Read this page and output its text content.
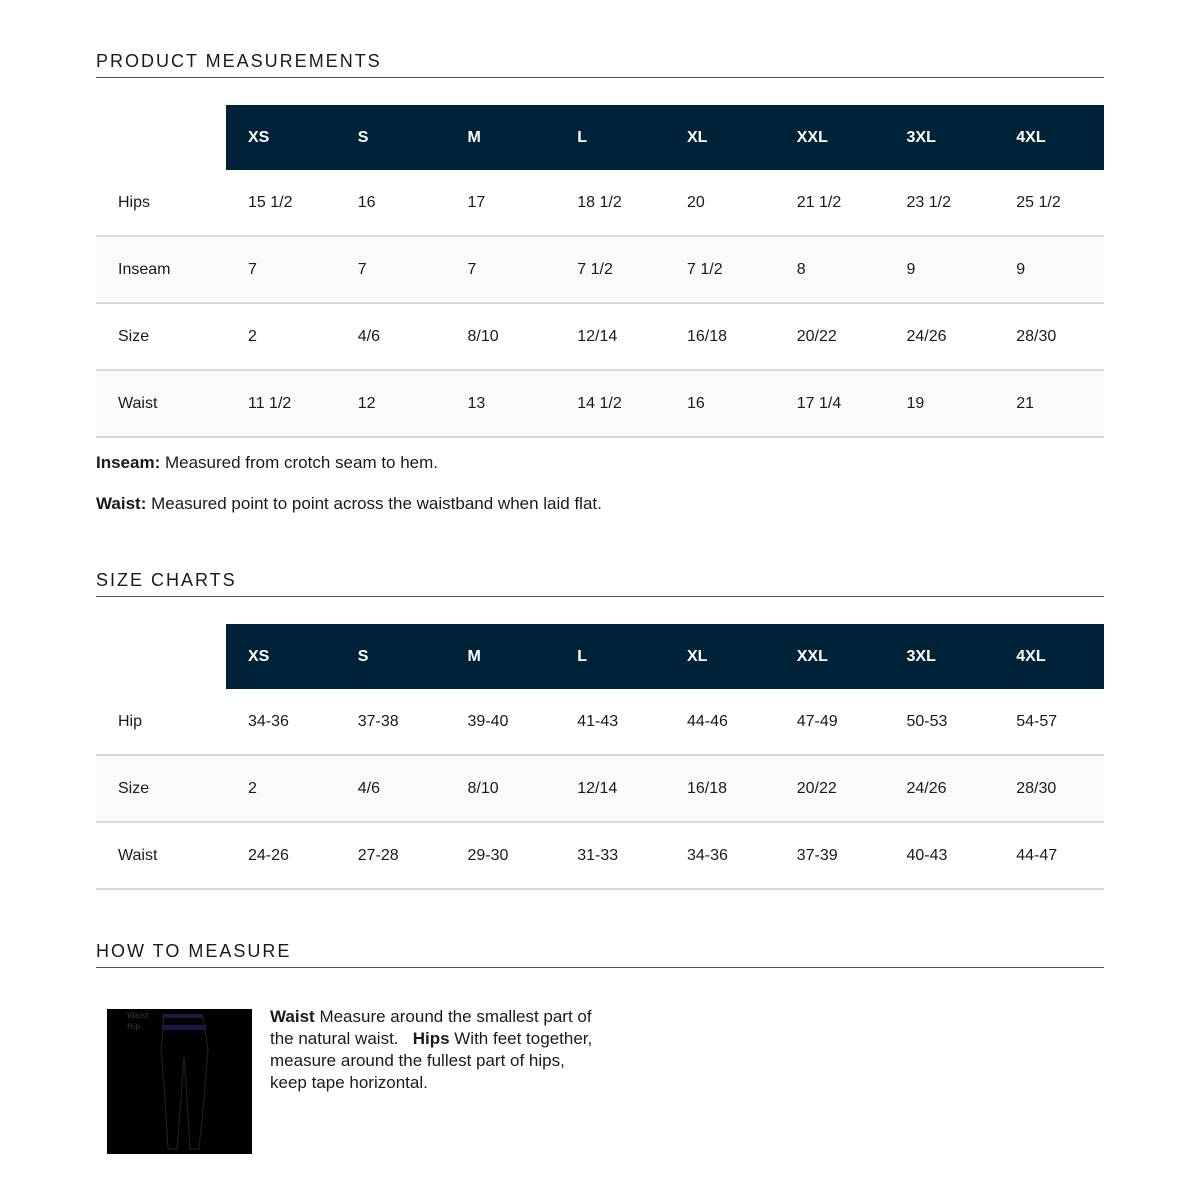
PRODUCT MEASUREMENTS
	XS	S	M	L	XL	XXL	3XL	4XL
Hips	15 1/2	16	17	18 1/2	20	21 1/2	23 1/2	25 1/2
Inseam	7	7	7	7 1/2	7 1/2	8	9	9
Size	2	4/6	8/10	12/14	16/18	20/22	24/26	28/30
Waist	11 1/2	12	13	14 1/2	16	17 1/4	19	21

Inseam: Measured from crotch seam to hem.

Waist: Measured point to point across the waistband when laid flat.

SIZE CHARTS
	XS	S	M	L	XL	XXL	3XL	4XL
Hip	34-36	37-38	39-40	41-43	44-46	47-49	50-53	54-57
Size	2	4/6	8/10	12/14	16/18	20/22	24/26	28/30
Waist	24-26	27-28	29-30	31-33	34-36	37-39	40-43	44-47
HOW TO MEASURE
Waist
Hip
Waist Measure around the smallest part of the natural waist. Hips With feet together, measure around the fullest part of hips, keep tape horizontal.
